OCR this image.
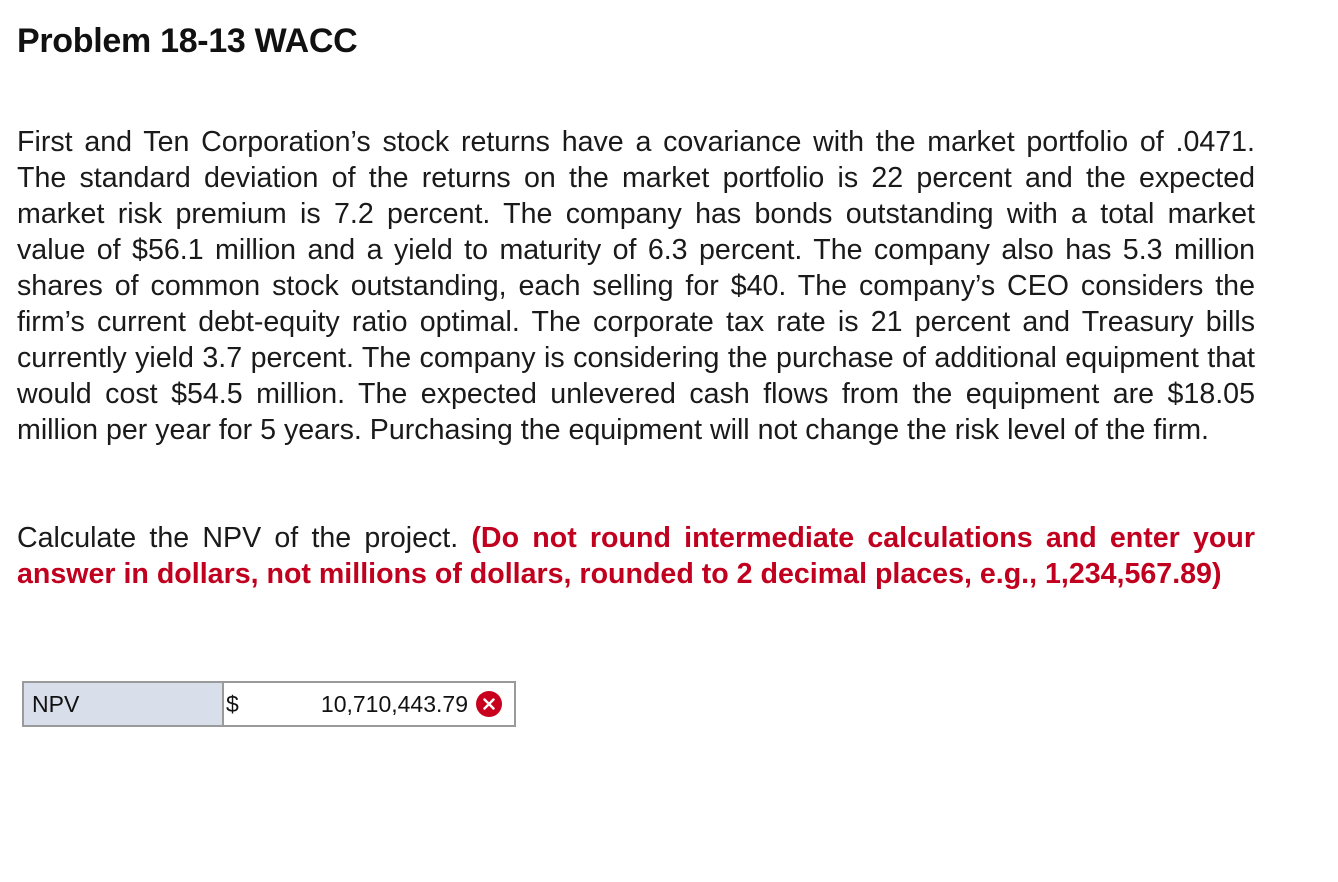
Problem 18-13 WACC

First and Ten Corporation’s stock returns have a covariance with the market portfolio of .0471. The standard deviation of the returns on the market portfolio is 22 percent and the expected market risk premium is 7.2 percent. The company has bonds outstanding with a total market value of $56.1 million and a yield to maturity of 6.3 percent. The company also has 5.3 million shares of common stock outstanding, each selling for $40. The company’s CEO considers the firm’s current debt-equity ratio optimal. The corporate tax rate is 21 percent and Treasury bills currently yield 3.7 percent. The company is considering the purchase of additional equipment that would cost $54.5 million. The expected unlevered cash flows from the equipment are $18.05 million per year for 5 years. Purchasing the equipment will not change the risk level of the firm.

Calculate the NPV of the project. (Do not round intermediate calculations and enter your answer in dollars, not millions of dollars, rounded to 2 decimal places, e.g., 1,234,567.89)

NPV	$
10,710,443.79
